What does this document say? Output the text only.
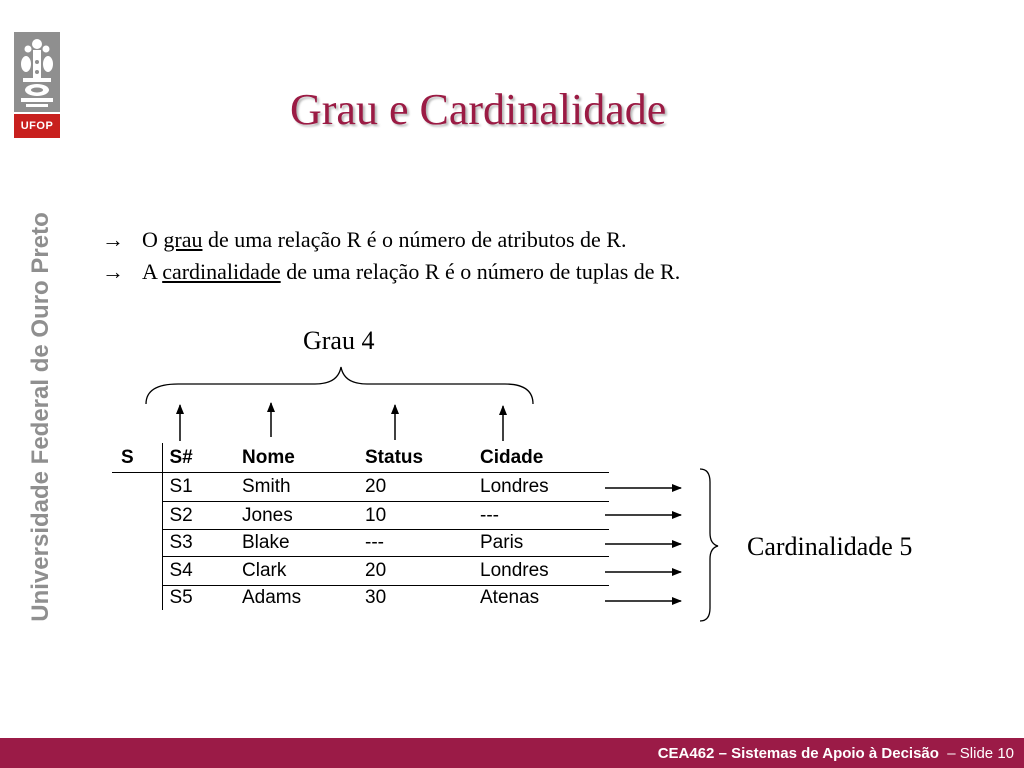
UFOP
Universidade Federal de Ouro Preto
Grau e Cardinalidade
→ O grau de uma relação R é o número de atributos de R.
→ A cardinalidade de uma relação R é o número de tuplas de R.
Grau 4
S	S#	Nome	Status	Cidade
	S1	Smith	20	Londres
	S2	Jones	10	---
	S3	Blake	---	Paris
	S4	Clark	20	Londres
	S5	Adams	30	Atenas
Cardinalidade 5
CEA462 – Sistemas de Apoio à Decisão – Slide 10
